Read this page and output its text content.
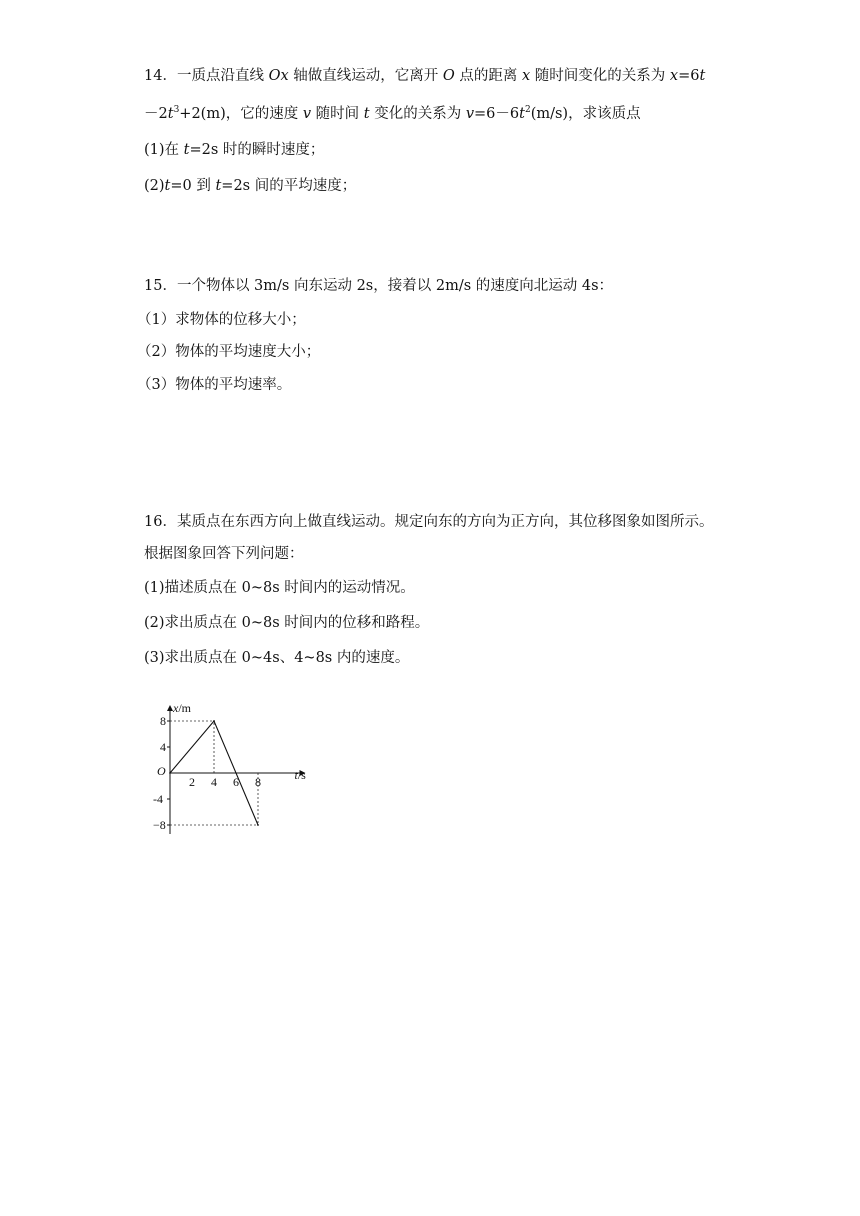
14．一质点沿直线 Ox 轴做直线运动，它离开 O 点的距离 x 随时间变化的关系为 x=6t
$-2t^3+2(m)$，它的速度 v 随时间 t 变化的关系为 $v=6-6t^2(m/s)$，求该质点
(1)在 t=2s 时的瞬时速度；
(2)t=0 到 t=2s 间的平均速度；
15．一个物体以 3m/s 向东运动 2s，接着以 2m/s 的速度向北运动 4s：
（1）求物体的位移大小；
（2）物体的平均速度大小；
（3）物体的平均速率。
16．某质点在东西方向上做直线运动。规定向东的方向为正方向，其位移图象如图所示。
根据图象回答下列问题：
(1)描述质点在 0~8s 时间内的运动情况。
(2)求出质点在 0~8s 时间内的位移和路程。
(3)求出质点在 0~4s、4~8s 内的速度。
2 4 6 8
8
4
-4
−8
x/m
t/s
O
